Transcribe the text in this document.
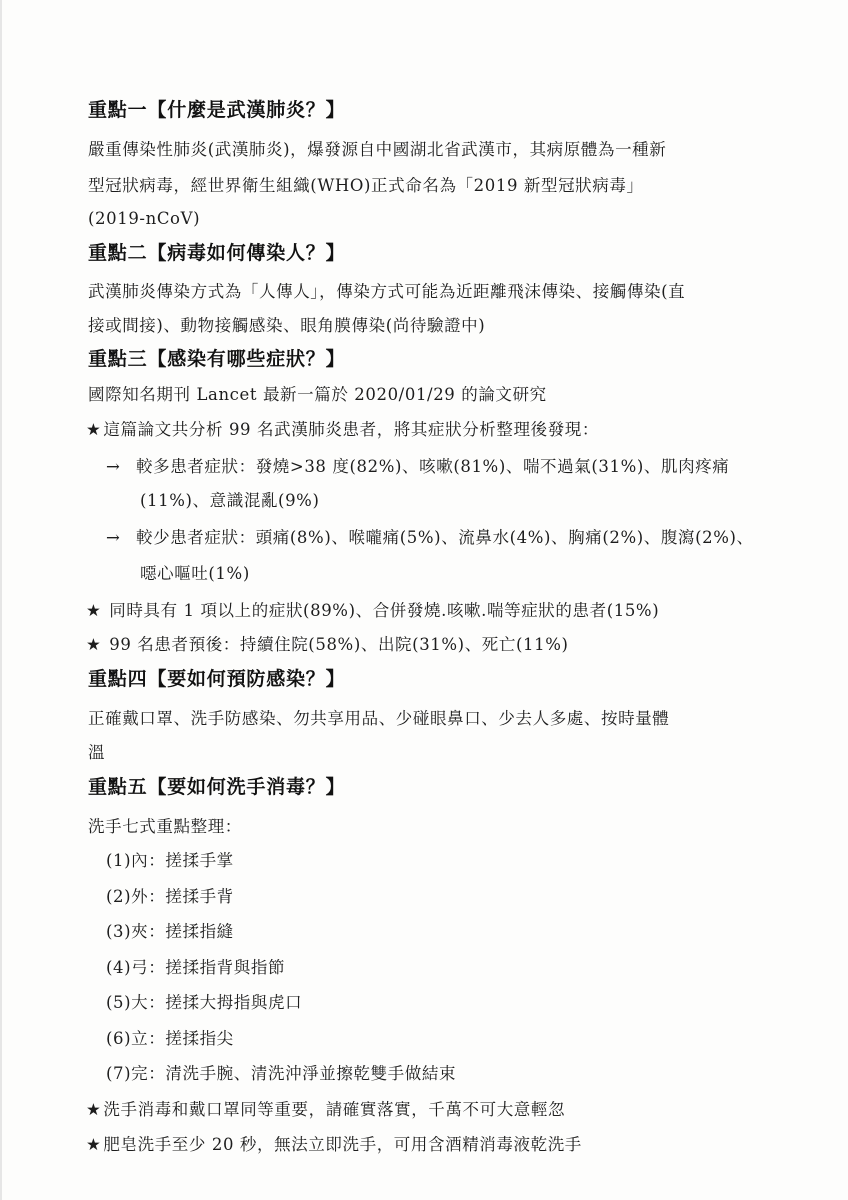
重點一【什麼是武漢肺炎？】
嚴重傳染性肺炎(武漢肺炎)，爆發源自中國湖北省武漢市，其病原體為一種新
型冠狀病毒，經世界衛生組織(WHO)正式命名為「2019 新型冠狀病毒」
(2019-nCoV)
重點二【病毒如何傳染人？】
武漢肺炎傳染方式為「人傳人」，傳染方式可能為近距離飛沫傳染、接觸傳染(直
接或間接)、動物接觸感染、眼角膜傳染(尚待驗證中)
重點三【感染有哪些症狀？】
國際知名期刊 Lancet 最新一篇於 2020/01/29 的論文研究
★ 這篇論文共分析 99 名武漢肺炎患者，將其症狀分析整理後發現：
→ 較多患者症狀：發燒>38 度(82%)、咳嗽(81%)、喘不過氣(31%)、肌肉疼痛
(11%)、意識混亂(9%)
→ 較少患者症狀：頭痛(8%)、喉嚨痛(5%)、流鼻水(4%)、胸痛(2%)、腹瀉(2%)、
噁心嘔吐(1%)
★ 同時具有 1 項以上的症狀(89%)、合併發燒.咳嗽.喘等症狀的患者(15%)
★ 99 名患者預後：持續住院(58%)、出院(31%)、死亡(11%)
重點四【要如何預防感染？】
正確戴口罩、洗手防感染、勿共享用品、少碰眼鼻口、少去人多處、按時量體
溫
重點五【要如何洗手消毒？】
洗手七式重點整理：
(1)內：搓揉手掌
(2)外：搓揉手背
(3)夾：搓揉指縫
(4)弓：搓揉指背與指節
(5)大：搓揉大拇指與虎口
(6)立：搓揉指尖
(7)完：清洗手腕、清洗沖淨並擦乾雙手做結束
★ 洗手消毒和戴口罩同等重要，請確實落實，千萬不可大意輕忽
★ 肥皂洗手至少 20 秒，無法立即洗手，可用含酒精消毒液乾洗手
